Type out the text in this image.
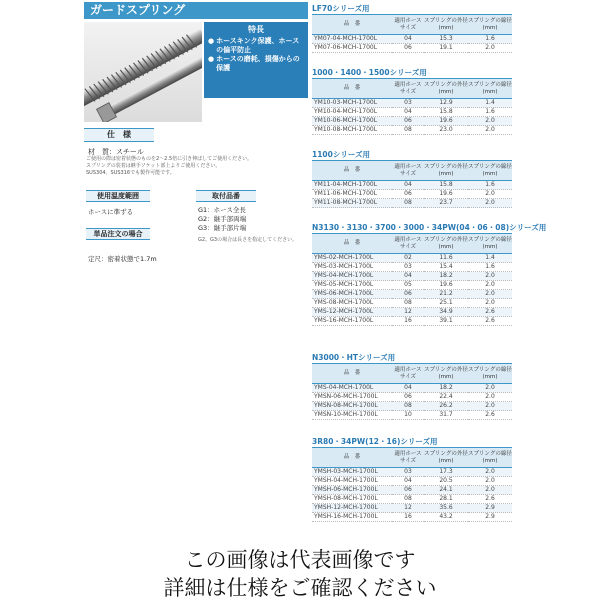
ガードスプリング
特長
● ホースキンク保護、ホースの偏平防止
● ホースの磨耗、損傷からの保護
仕　様
材　質：スチール
ご使用の際は密着状態のものを2～2.5倍に引き伸ばしてご使用ください。
スプリングの装着は継手ソケット部上よりご使用ください。
SUS304、SUS316でも製作可能です。
使用温度範囲
ホースに準ずる
取付品番
G1：ホース全長
G2：継手部両端
G3：継手部片端
G2、G3の場合は長さを指定してください。
単品注文の場合
定尺：密着状態で1.7m
LF70シリーズ用
品　番	適用ホースサイズ	スプリングの外径(mm)	スプリングの線径(mm)
YM07-04-MCH-1700L	04	15.3	1.6
YM07-06-MCH-1700L	06	19.1	2.0
1000・1400・1500シリーズ用
品　番	適用ホースサイズ	スプリングの外径(mm)	スプリングの線径(mm)
YM10-03-MCH-1700L	03	12.9	1.4
YM10-04-MCH-1700L	04	15.8	1.6
YM10-06-MCH-1700L	06	19.6	2.0
YM10-08-MCH-1700L	08	23.0	2.0
1100シリーズ用
品　番	適用ホースサイズ	スプリングの外径(mm)	スプリングの線径(mm)
YM11-04-MCH-1700L	04	15.8	1.6
YM11-06-MCH-1700L	06	19.6	2.0
YM11-08-MCH-1700L	08	23.7	2.0
N3130・3130・3700・3000・34PW(04・06・08)シリーズ用
品　番	適用ホースサイズ	スプリングの外径(mm)	スプリングの線径(mm)
YMS-02-MCH-1700L	02	11.6	1.4
YMS-03-MCH-1700L	03	15.4	1.6
YMS-04-MCH-1700L	04	18.2	2.0
YMS-05-MCH-1700L	05	19.6	2.0
YMS-06-MCH-1700L	06	21.2	2.0
YMS-08-MCH-1700L	08	25.1	2.0
YMS-12-MCH-1700L	12	34.9	2.6
YMS-16-MCH-1700L	16	39.1	2.6
N3000・HTシリーズ用
品　番	適用ホースサイズ	スプリングの外径(mm)	スプリングの線径(mm)
YMS-04-MCH-1700L	04	18.2	2.0
YMSN-06-MCH-1700L	06	22.4	2.0
YMSN-08-MCH-1700L	08	26.2	2.0
YMSN-10-MCH-1700L	10	31.7	2.6
3R80・34PW(12・16)シリーズ用
品　番	適用ホースサイズ	スプリングの外径(mm)	スプリングの線径(mm)
YMSH-03-MCH-1700L	03	17.3	2.0
YMSH-04-MCH-1700L	04	20.5	2.0
YMSH-06-MCH-1700L	06	24.1	2.0
YMSH-08-MCH-1700L	08	28.1	2.6
YMSH-12-MCH-1700L	12	35.6	2.9
YMSH-16-MCH-1700L	16	43.2	2.9
この画像は代表画像です
詳細は仕様をご確認ください
